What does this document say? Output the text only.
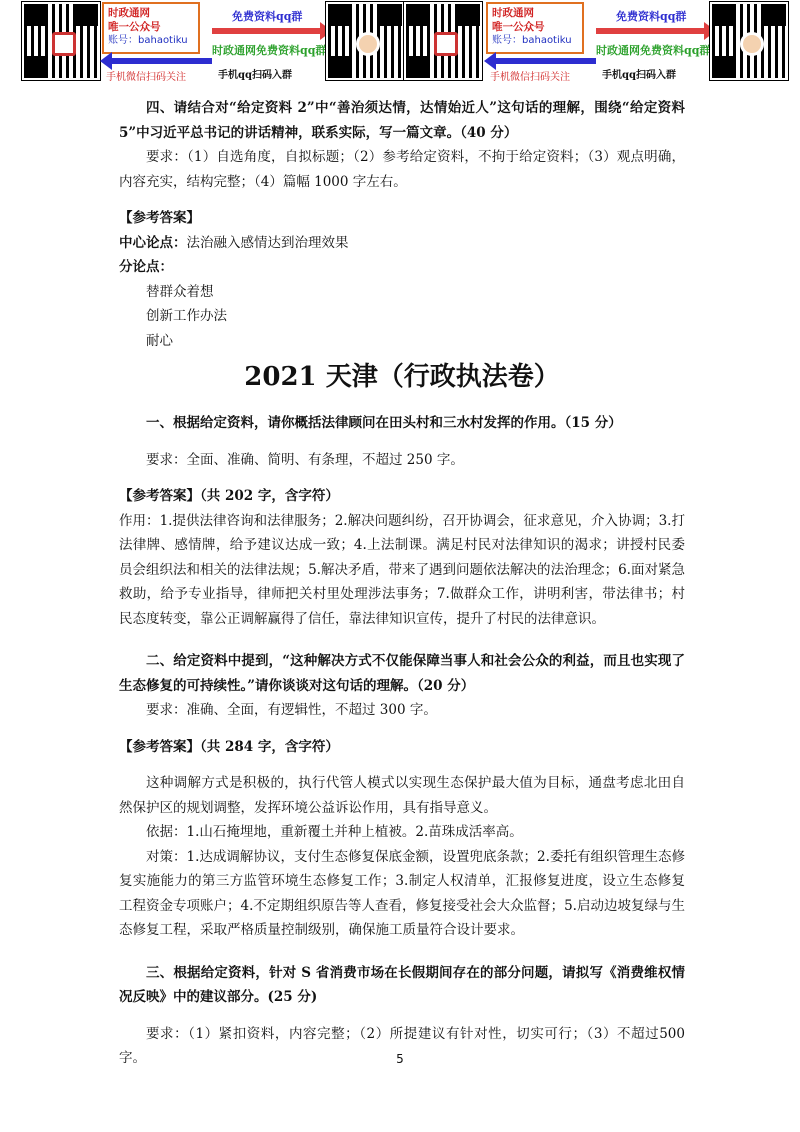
时政通网
唯一公众号
账号：bahaotiku
手机微信扫码关注
免费资料qq群
时政通网免费资料qq群
手机qq扫码入群
时政通网
唯一公众号
账号：bahaotiku
手机微信扫码关注
免费资料qq群
时政通网免费资料qq群
手机qq扫码入群

四、请结合对“给定资料 2”中“善治须达情，达情始近人”这句话的理解，围绕“给定资料 5”中习近平总书记的讲话精神，联系实际，写一篇文章。（40 分）

要求：（1）自选角度，自拟标题；（2）参考给定资料，不拘于给定资料；（3）观点明确，内容充实，结构完整；（4）篇幅 1000 字左右。

【参考答案】

中心论点：法治融入感情达到治理效果

分论点：

替群众着想

创新工作办法

耐心

2021 天津（行政执法卷）

一、根据给定资料，请你概括法律顾问在田头村和三水村发挥的作用。（15 分）

要求：全面、准确、简明、有条理，不超过 250 字。

【参考答案】（共 202 字，含字符）

作用：1.提供法律咨询和法律服务；2.解决问题纠纷，召开协调会，征求意见，介入协调；3.打法律牌、感情牌，给予建议达成一致；4.上法制课。满足村民对法律知识的渴求；讲授村民委员会组织法和相关的法律法规；5.解决矛盾，带来了遇到问题依法解决的法治理念；6.面对紧急救助，给予专业指导，律师把关村里处理涉法事务；7.做群众工作，讲明利害，带法律书；村民态度转变，靠公正调解赢得了信任，靠法律知识宣传，提升了村民的法律意识。

二、给定资料中提到，“这种解决方式不仅能保障当事人和社会公众的利益，而且也实现了生态修复的可持续性。”请你谈谈对这句话的理解。（20 分）

要求：准确、全面，有逻辑性，不超过 300 字。

【参考答案】（共 284 字，含字符）

这种调解方式是积极的，执行代管人模式以实现生态保护最大值为目标，通盘考虑北田自然保护区的规划调整，发挥环境公益诉讼作用，具有指导意义。

依据：1.山石掩埋地，重新覆土并种上植被。2.苗珠成活率高。

对策：1.达成调解协议，支付生态修复保底金额，设置兜底条款；2.委托有组织管理生态修复实施能力的第三方监管环境生态修复工作；3.制定人权清单，汇报修复进度，设立生态修复工程资金专项账户；4.不定期组织原告等人查看，修复接受社会大众监督；5.启动边坡复绿与生态修复工程，采取严格质量控制级别，确保施工质量符合设计要求。

三、根据给定资料，针对 S 省消费市场在长假期间存在的部分问题，请拟写《消费维权情况反映》中的建议部分。(25 分)

要求：（1）紧扣资料，内容完整；（2）所提建议有针对性，切实可行；（3）不超过500 字。	5
